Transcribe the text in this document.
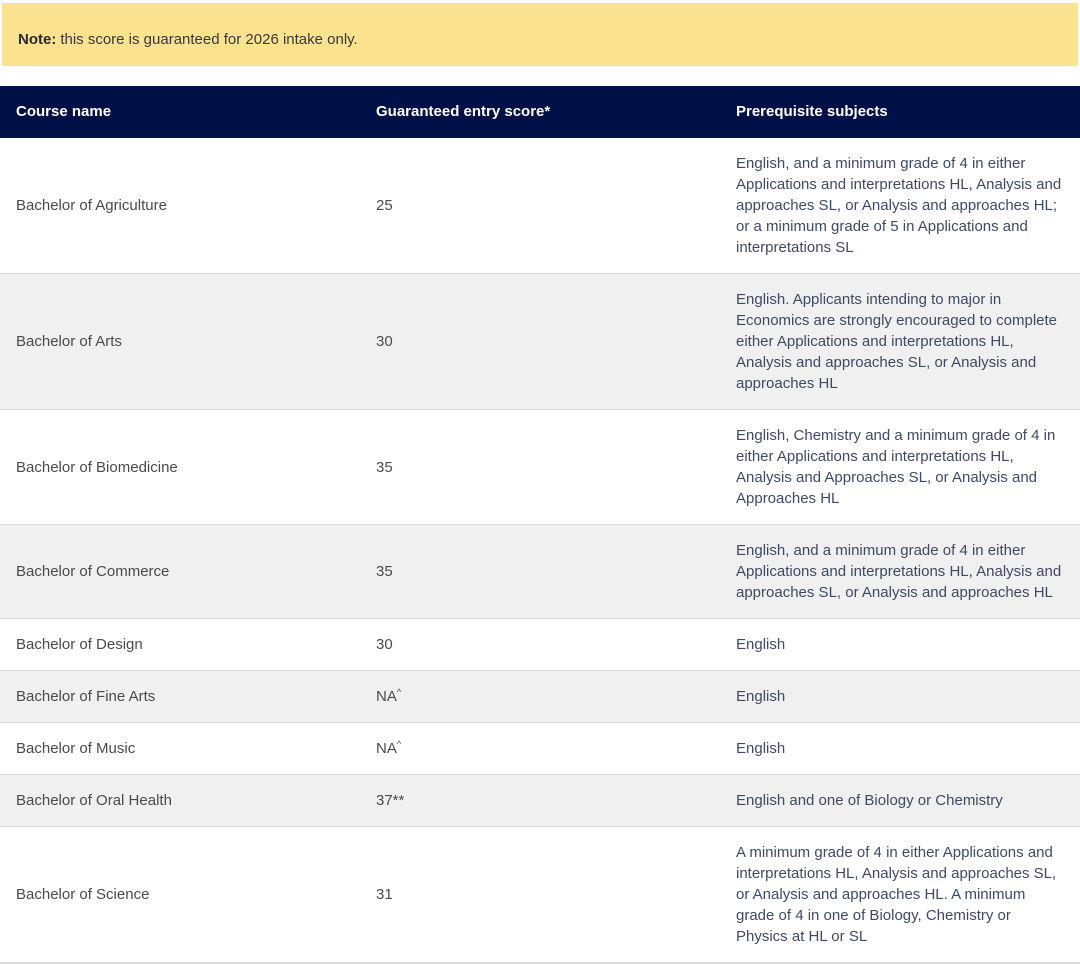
Note: this score is guaranteed for 2026 intake only.
Course name	Guaranteed entry score*	Prerequisite subjects
Bachelor of Agriculture	25	English, and a minimum grade of 4 in either Applications and interpretations HL, Analysis and approaches SL, or Analysis and approaches HL; or a minimum grade of 5 in Applications and interpretations SL
Bachelor of Arts	30	English. Applicants intending to major in Economics are strongly encouraged to complete either Applications and interpretations HL, Analysis and approaches SL, or Analysis and approaches HL
Bachelor of Biomedicine	35	English, Chemistry and a minimum grade of 4 in either Applications and interpretations HL, Analysis and Approaches SL, or Analysis and Approaches HL
Bachelor of Commerce	35	English, and a minimum grade of 4 in either Applications and interpretations HL, Analysis and approaches SL, or Analysis and approaches HL
Bachelor of Design	30	English
Bachelor of Fine Arts	NA^	English
Bachelor of Music	NA^	English
Bachelor of Oral Health	37**	English and one of Biology or Chemistry
Bachelor of Science	31	A minimum grade of 4 in either Applications and interpretations HL, Analysis and approaches SL, or Analysis and approaches HL. A minimum grade of 4 in one of Biology, Chemistry or Physics at HL or SL
